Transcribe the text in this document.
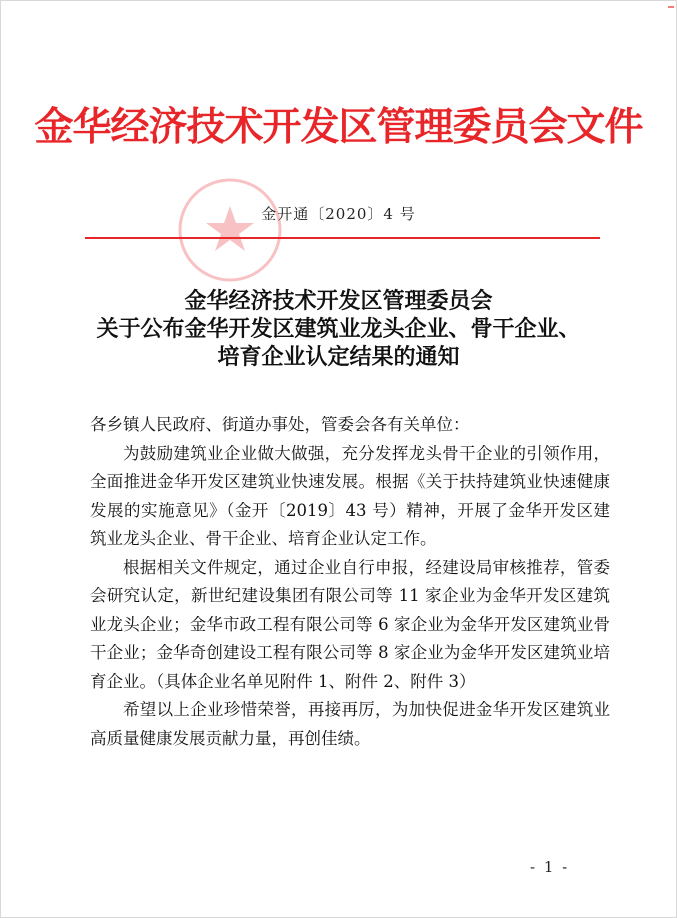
金华经济技术开发区管理委员会文件
金开通〔2020〕4 号
金华经济技术开发区管理委员会
关于公布金华开发区建筑业龙头企业、骨干企业、
培育企业认定结果的通知

各乡镇人民政府、街道办事处，管委会各有关单位：

为鼓励建筑业企业做大做强，充分发挥龙头骨干企业的引领作用，全面推进金华开发区建筑业快速发展。根据《关于扶持建筑业快速健康发展的实施意见》（金开〔2019〕43 号）精神，开展了金华开发区建筑业龙头企业、骨干企业、培育企业认定工作。

根据相关文件规定，通过企业自行申报，经建设局审核推荐，管委会研究认定，新世纪建设集团有限公司等 11 家企业为金华开发区建筑业龙头企业；金华市政工程有限公司等 6 家企业为金华开发区建筑业骨干企业；金华奇创建设工程有限公司等 8 家企业为金华开发区建筑业培育企业。（具体企业名单见附件 1、附件 2、附件 3）

希望以上企业珍惜荣誉，再接再厉，为加快促进金华开发区建筑业高质量健康发展贡献力量，再创佳绩。

- 1 -
